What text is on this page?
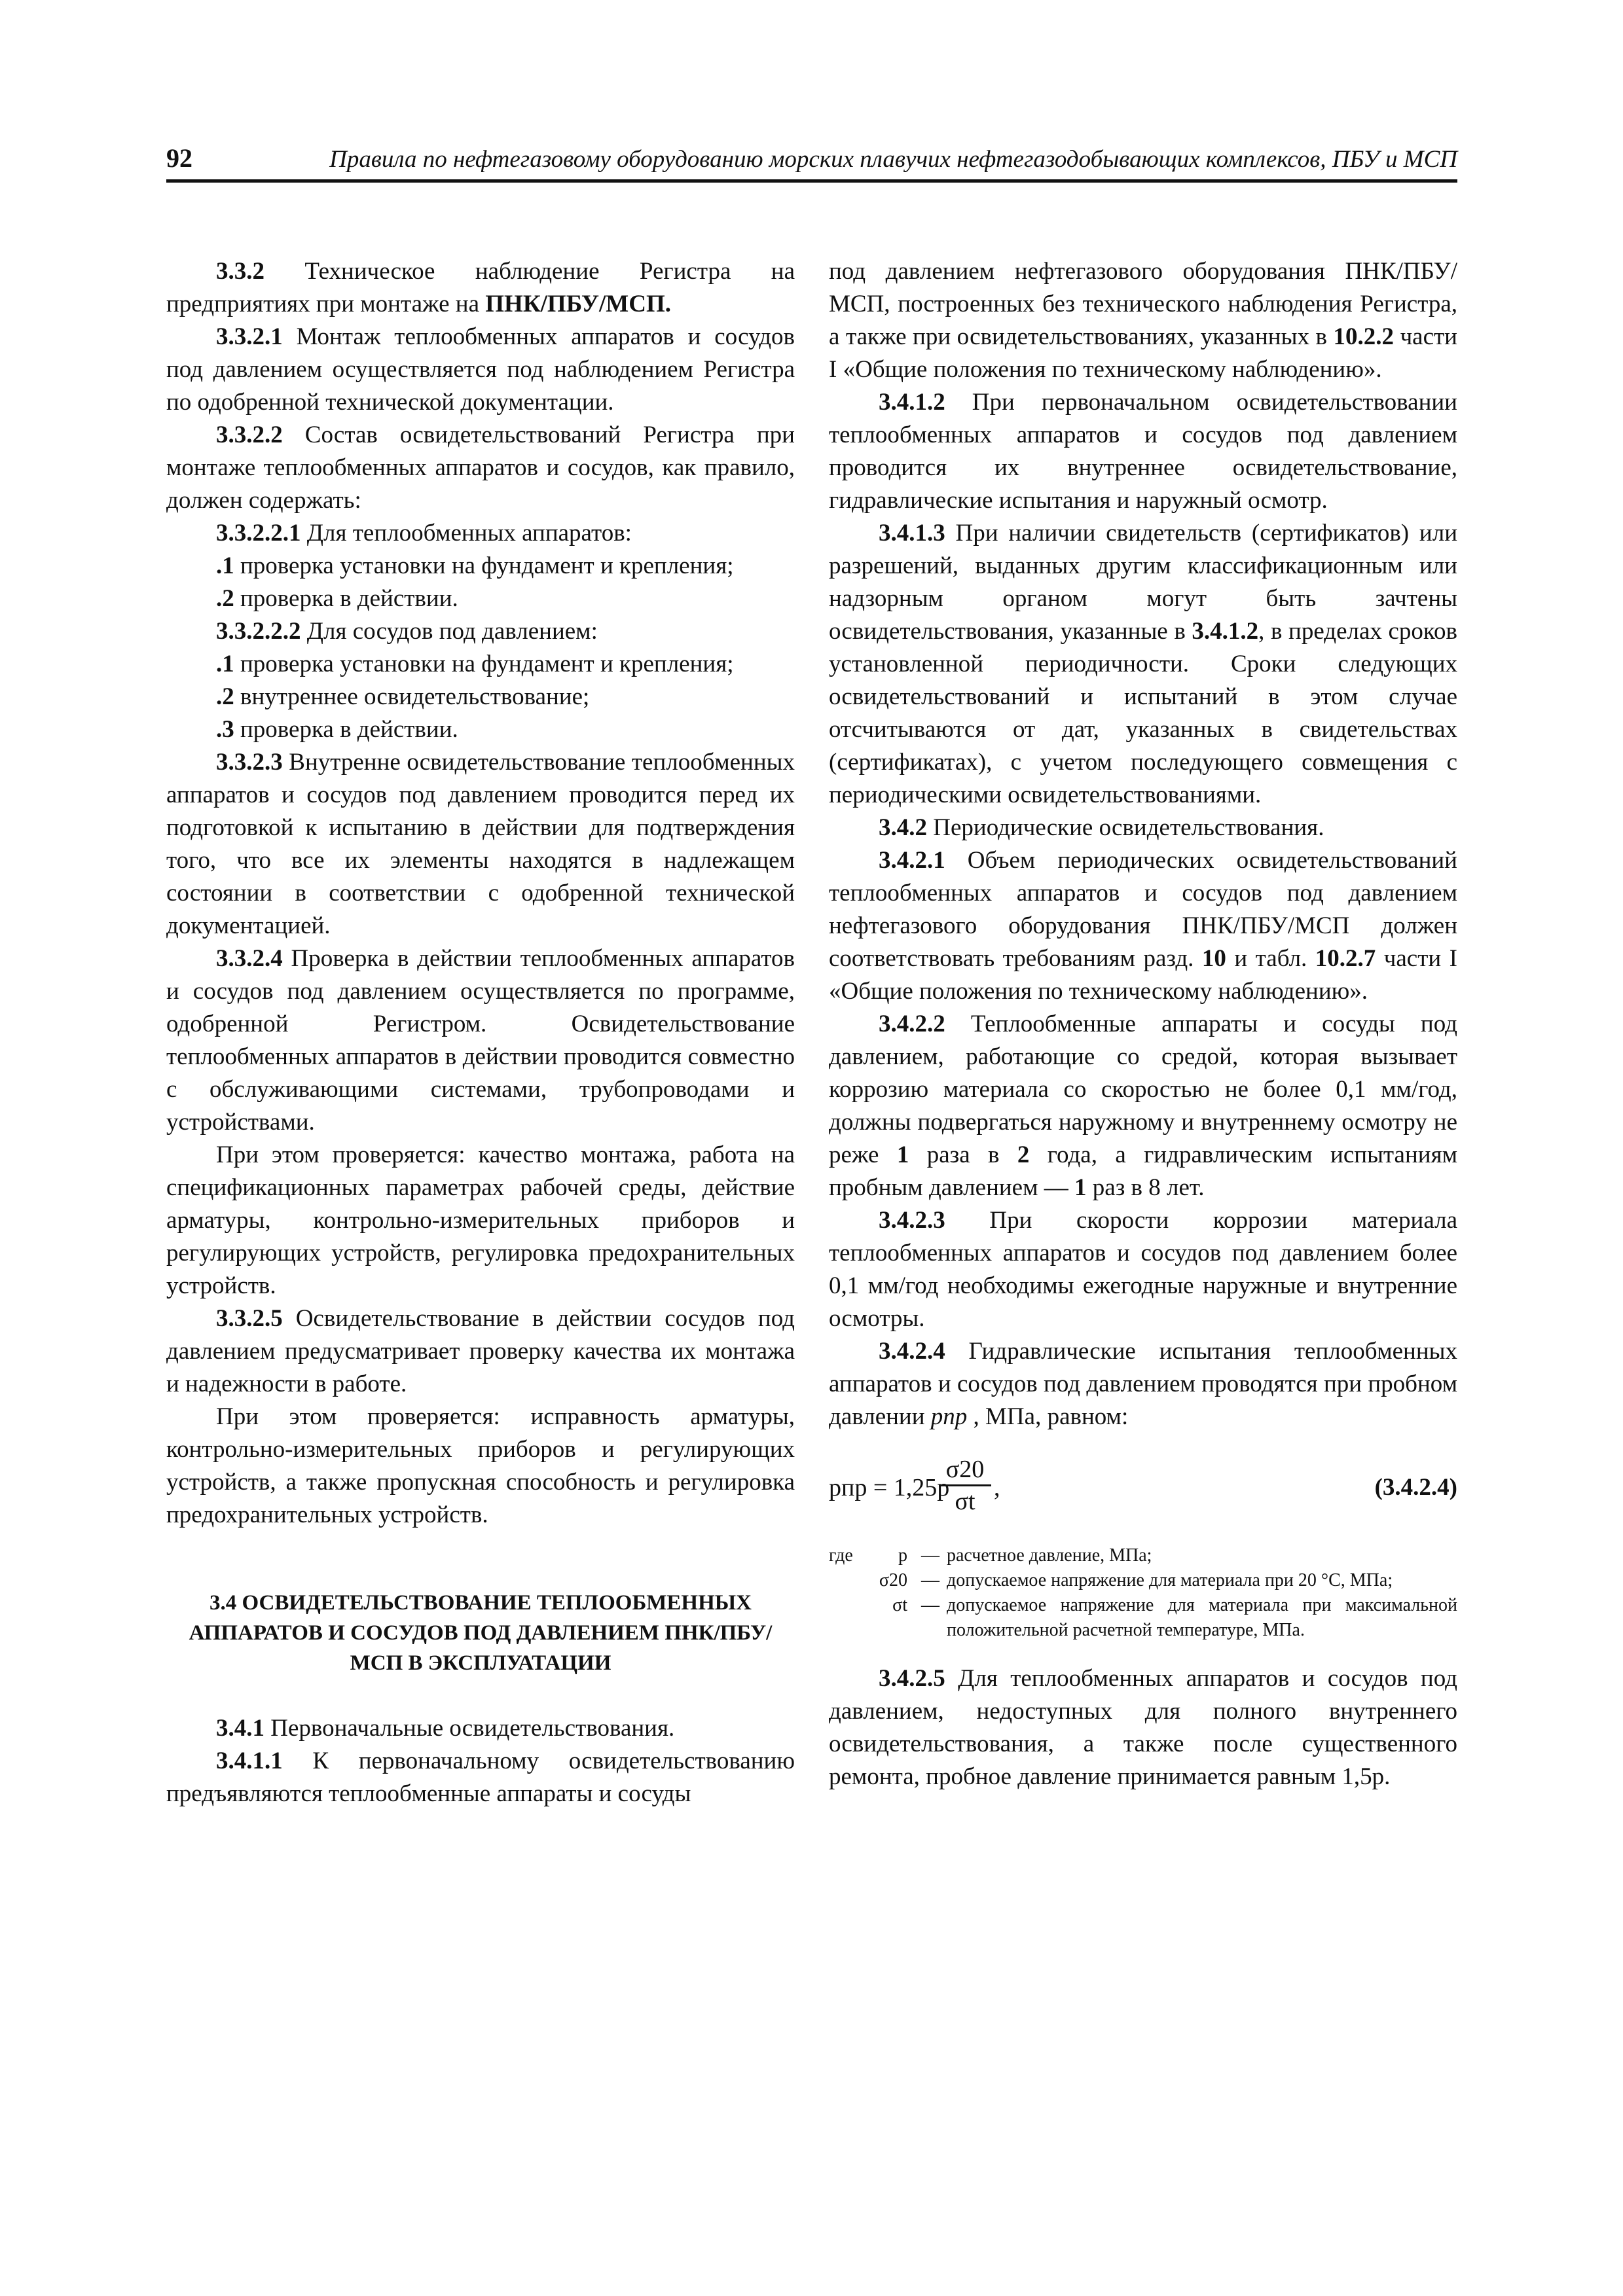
92	Правила по нефтегазовому оборудованию морских плавучих нефтегазодобывающих комплексов, ПБУ и МСП

3.3.2 Техническое наблюдение Регистра на предприятиях при монтаже на ПНК/ПБУ/МСП.

3.3.2.1 Монтаж теплообменных аппаратов и сосудов под давлением осуществляется под наблюдением Регистра по одобренной технической документации.

3.3.2.2 Состав освидетельствований Регистра при монтаже теплообменных аппаратов и сосудов, как правило, должен содержать:

3.3.2.2.1 Для теплообменных аппаратов:

.1 проверка установки на фундамент и крепления;

.2 проверка в действии.

3.3.2.2.2 Для сосудов под давлением:

.1 проверка установки на фундамент и крепления;

.2 внутреннее освидетельствование;

.3 проверка в действии.

3.3.2.3 Внутренне освидетельствование теплообменных аппаратов и сосудов под давлением проводится перед их подготовкой к испытанию в действии для подтверждения того, что все их элементы находятся в надлежащем состоянии в соответствии с одобренной технической документацией.

3.3.2.4 Проверка в действии теплообменных аппаратов и сосудов под давлением осуществляется по программе, одобренной Регистром. Освидетельствование теплообменных аппаратов в действии проводится совместно с обслуживающими системами, трубопроводами и устройствами.

При этом проверяется: качество монтажа, работа на спецификационных параметрах рабочей среды, действие арматуры, контрольно-измерительных приборов и регулирующих устройств, регулировка предохранительных устройств.

3.3.2.5 Освидетельствование в действии сосудов под давлением предусматривает проверку качества их монтажа и надежности в работе.

При этом проверяется: исправность арматуры, контрольно-измерительных приборов и регулирующих устройств, а также пропускная способность и регулировка предохранительных устройств.

3.4 ОСВИДЕТЕЛЬСТВОВАНИЕ ТЕПЛООБМЕННЫХ АППАРАТОВ И СОСУДОВ ПОД ДАВЛЕНИЕМ ПНК/ПБУ/МСП В ЭКСПЛУАТАЦИИ

3.4.1 Первоначальные освидетельствования.

3.4.1.1 К первоначальному освидетельствованию предъявляются теплообменные аппараты и сосуды

под давлением нефтегазового оборудования ПНК/ПБУ/МСП, построенных без технического наблюдения Регистра, а также при освидетельствованиях, указанных в 10.2.2 части I «Общие положения по техническому наблюдению».

3.4.1.2 При первоначальном освидетельствовании теплообменных аппаратов и сосудов под давлением проводится их внутреннее освидетельствование, гидравлические испытания и наружный осмотр.

3.4.1.3 При наличии свидетельств (сертификатов) или разрешений, выданных другим классификационным или надзорным органом могут быть зачтены освидетельствования, указанные в 3.4.1.2, в пределах сроков установленной периодичности. Сроки следующих освидетельствований и испытаний в этом случае отсчитываются от дат, указанных в свидетельствах (сертификатах), с учетом последующего совмещения с периодическими освидетельствованиями.

3.4.2 Периодические освидетельствования.

3.4.2.1 Объем периодических освидетельствований теплообменных аппаратов и сосудов под давлением нефтегазового оборудования ПНК/ПБУ/МСП должен соответствовать требованиям разд. 10 и табл. 10.2.7 части I «Общие положения по техническому наблюдению».

3.4.2.2 Теплообменные аппараты и сосуды под давлением, работающие со средой, которая вызывает коррозию материала со скоростью не более 0,1 мм/год, должны подвергаться наружному и внутреннему осмотру не реже 1 раза в 2 года, а гидравлическим испытаниям пробным давлением — 1 раз в 8 лет.

3.4.2.3 При скорости коррозии материала теплообменных аппаратов и сосудов под давлением более 0,1 мм/год необходимы ежегодные наружные и внутренние осмотры.

3.4.2.4 Гидравлические испытания теплообменных аппаратов и сосудов под давлением проводятся при пробном давлении pпр , МПа, равном:

pпр = 1,25p
$\frac{\sigma 20}{\sigma t}$ ,	(3.4.2.4)
где	p — расчетное давление, МПа;
σ20 — допускаемое напряжение для материала при 20 °С, МПа;
σt — допускаемое напряжение для материала при максимальной положительной расчетной температуре, МПа.

3.4.2.5 Для теплообменных аппаратов и сосудов под давлением, недоступных для полного внутреннего освидетельствования, а также после существенного ремонта, пробное давление принимается равным 1,5p.
